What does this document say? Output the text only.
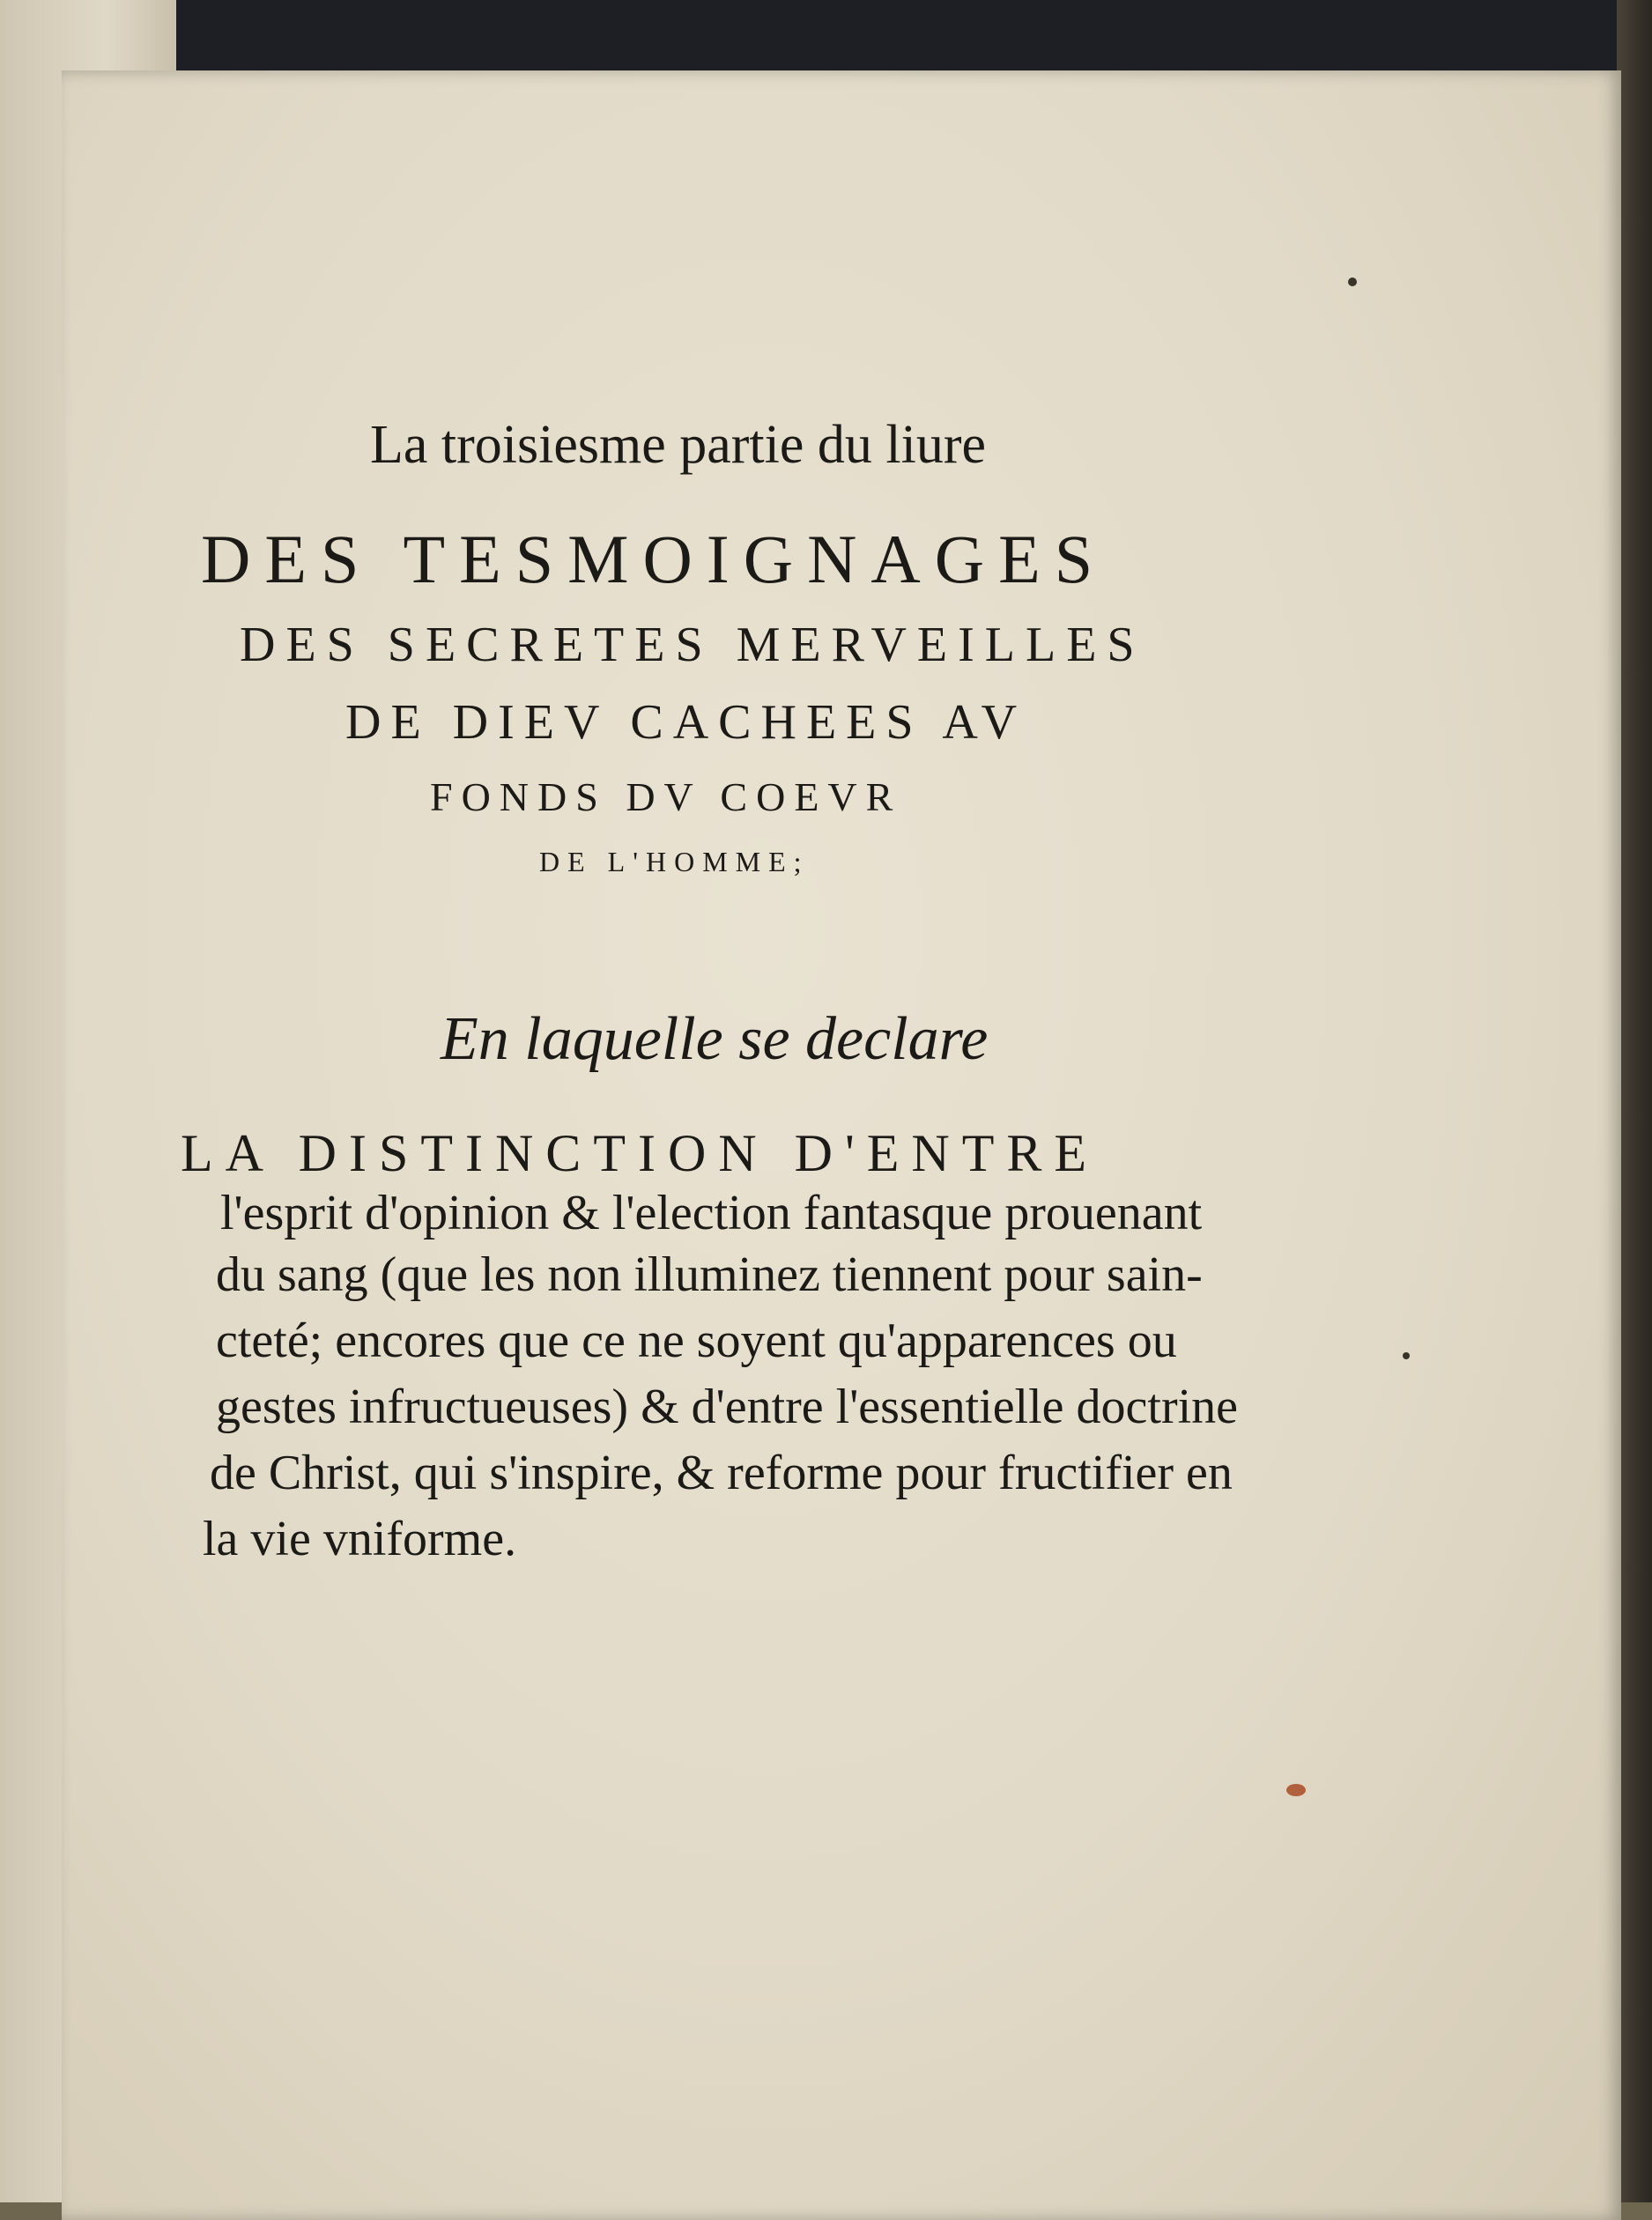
La troisiesme partie du liure
DES TESMOIGNAGES
DES SECRETES MERVEILLES
DE DIEV CACHEES AV
FONDS DV COEVR
DE L'HOMME;
En laquelle se declare
LA DISTINCTION D'ENTRE
l'esprit d'opinion & l'election fantasque prouenant
du sang (que les non illuminez tiennent pour sain-
cteté; encores que ce ne soyent qu'apparences ou
gestes infructueuses) & d'entre l'essentielle doctrine
de Christ, qui s'inspire, & reforme pour fructifier en
la vie vniforme.
